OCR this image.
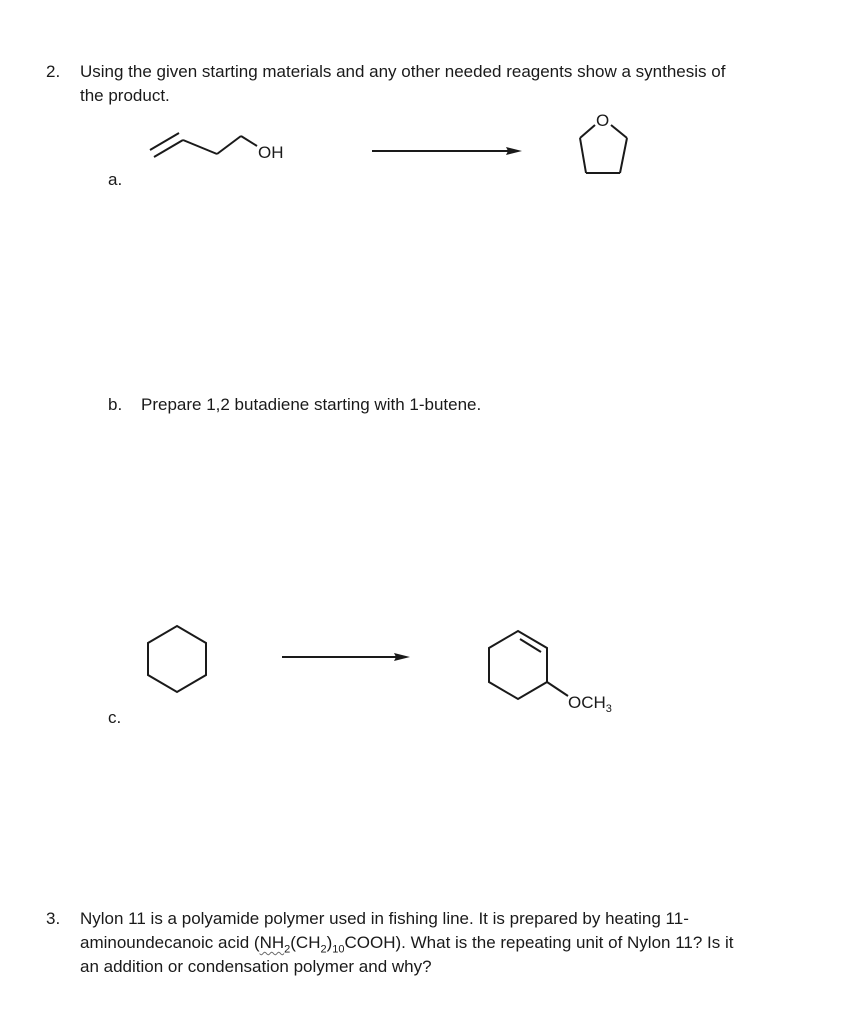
2. Using the given starting materials and any other needed reagents show a synthesis of
the product.
a.
OH
O
b. Prepare 1,2 butadiene starting with 1-butene.
c.
$OCH_3$
3. Nylon 11 is a polyamide polymer used in fishing line. It is prepared by heating 11-
aminoundecanoic acid $(NH_2(CH_2)_{10}COOH)$. What is the repeating unit of Nylon 11? Is it
an addition or condensation polymer and why?
